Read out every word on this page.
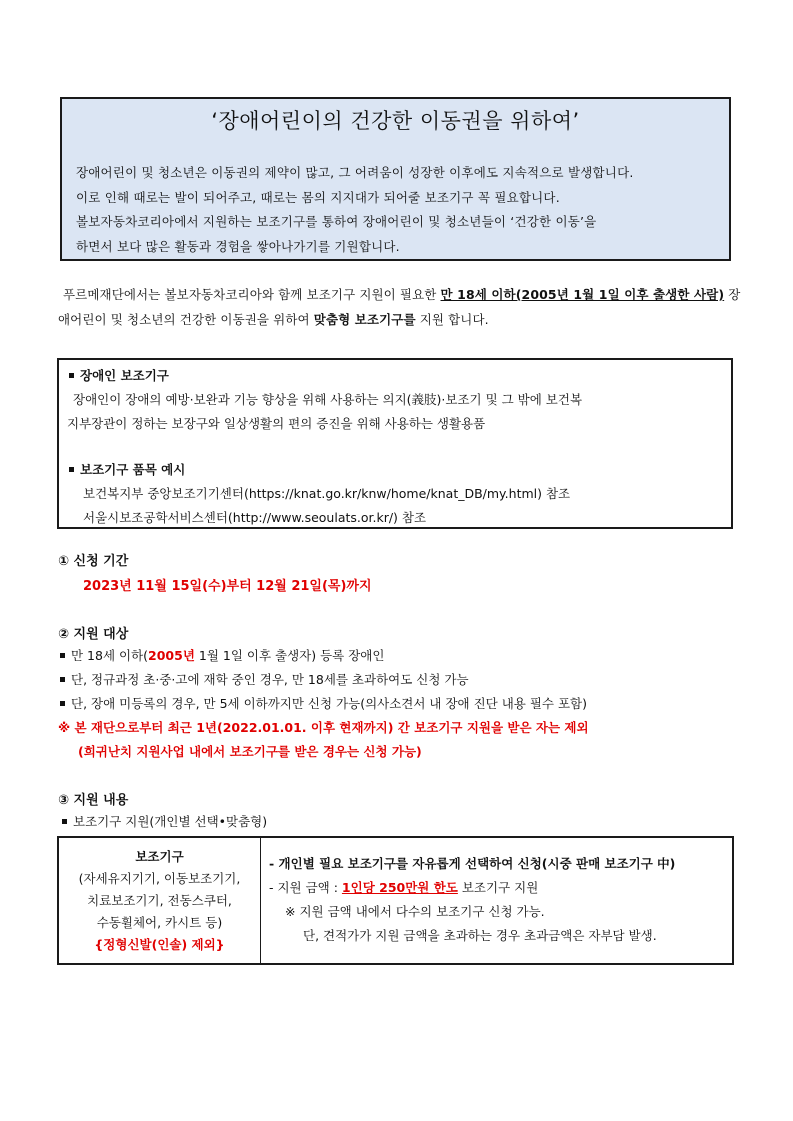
‘장애어린이의 건강한 이동권을 위하여’
장애어린이 및 청소년은 이동권의 제약이 많고, 그 어려움이 성장한 이후에도 지속적으로 발생합니다.
이로 인해 때로는 발이 되어주고, 때로는 몸의 지지대가 되어줄 보조기구 꼭 필요합니다.
볼보자동차코리아에서 지원하는 보조기구를 통하여 장애어린이 및 청소년들이 ‘건강한 이동’을
하면서 보다 많은 활동과 경험을 쌓아나가기를 기원합니다.
푸르메재단에서는 볼보자동차코리아와 함께 보조기구 지원이 필요한 만 18세 이하(2005년 1월 1일 이후 출생한 사람) 장애어린이 및 청소년의 건강한 이동권을 위하여 맞춤형 보조기구를 지원 합니다.
장애인 보조기구
장애인이 장애의 예방·보완과 기능 향상을 위해 사용하는 의지(義肢)·보조기 및 그 밖에 보건복
지부장관이 정하는 보장구와 일상생활의 편의 증진을 위해 사용하는 생활용품
보조기구 품목 예시
보건복지부 중앙보조기기센터(https://knat.go.kr/knw/home/knat_DB/my.html) 참조
서울시보조공학서비스센터(http://www.seoulats.or.kr/) 참조
① 신청 기간
2023년 11월 15일(수)부터 12월 21일(목)까지
② 지원 대상
만 18세 이하(2005년 1월 1일 이후 출생자) 등록 장애인
단, 정규과정 초·중·고에 재학 중인 경우, 만 18세를 초과하여도 신청 가능
단, 장애 미등록의 경우, 만 5세 이하까지만 신청 가능(의사소견서 내 장애 진단 내용 필수 포함)
※ 본 재단으로부터 최근 1년(2022.01.01. 이후 현재까지) 간 보조기구 지원을 받은 자는 제외
(희귀난치 지원사업 내에서 보조기구를 받은 경우는 신청 가능)
③ 지원 내용
보조기구 지원(개인별 선택•맞춤형)
보조기구
(자세유지기기, 이동보조기기,
치료보조기기, 전동스쿠터,
수동휠체어, 카시트 등)
{정형신발(인솔) 제외}
- 개인별 필요 보조기구를 자유롭게 선택하여 신청(시중 판매 보조기구 中)
- 지원 금액 : 1인당 250만원 한도 보조기구 지원
※ 지원 금액 내에서 다수의 보조기구 신청 가능.
단, 견적가가 지원 금액을 초과하는 경우 초과금액은 자부담 발생.
